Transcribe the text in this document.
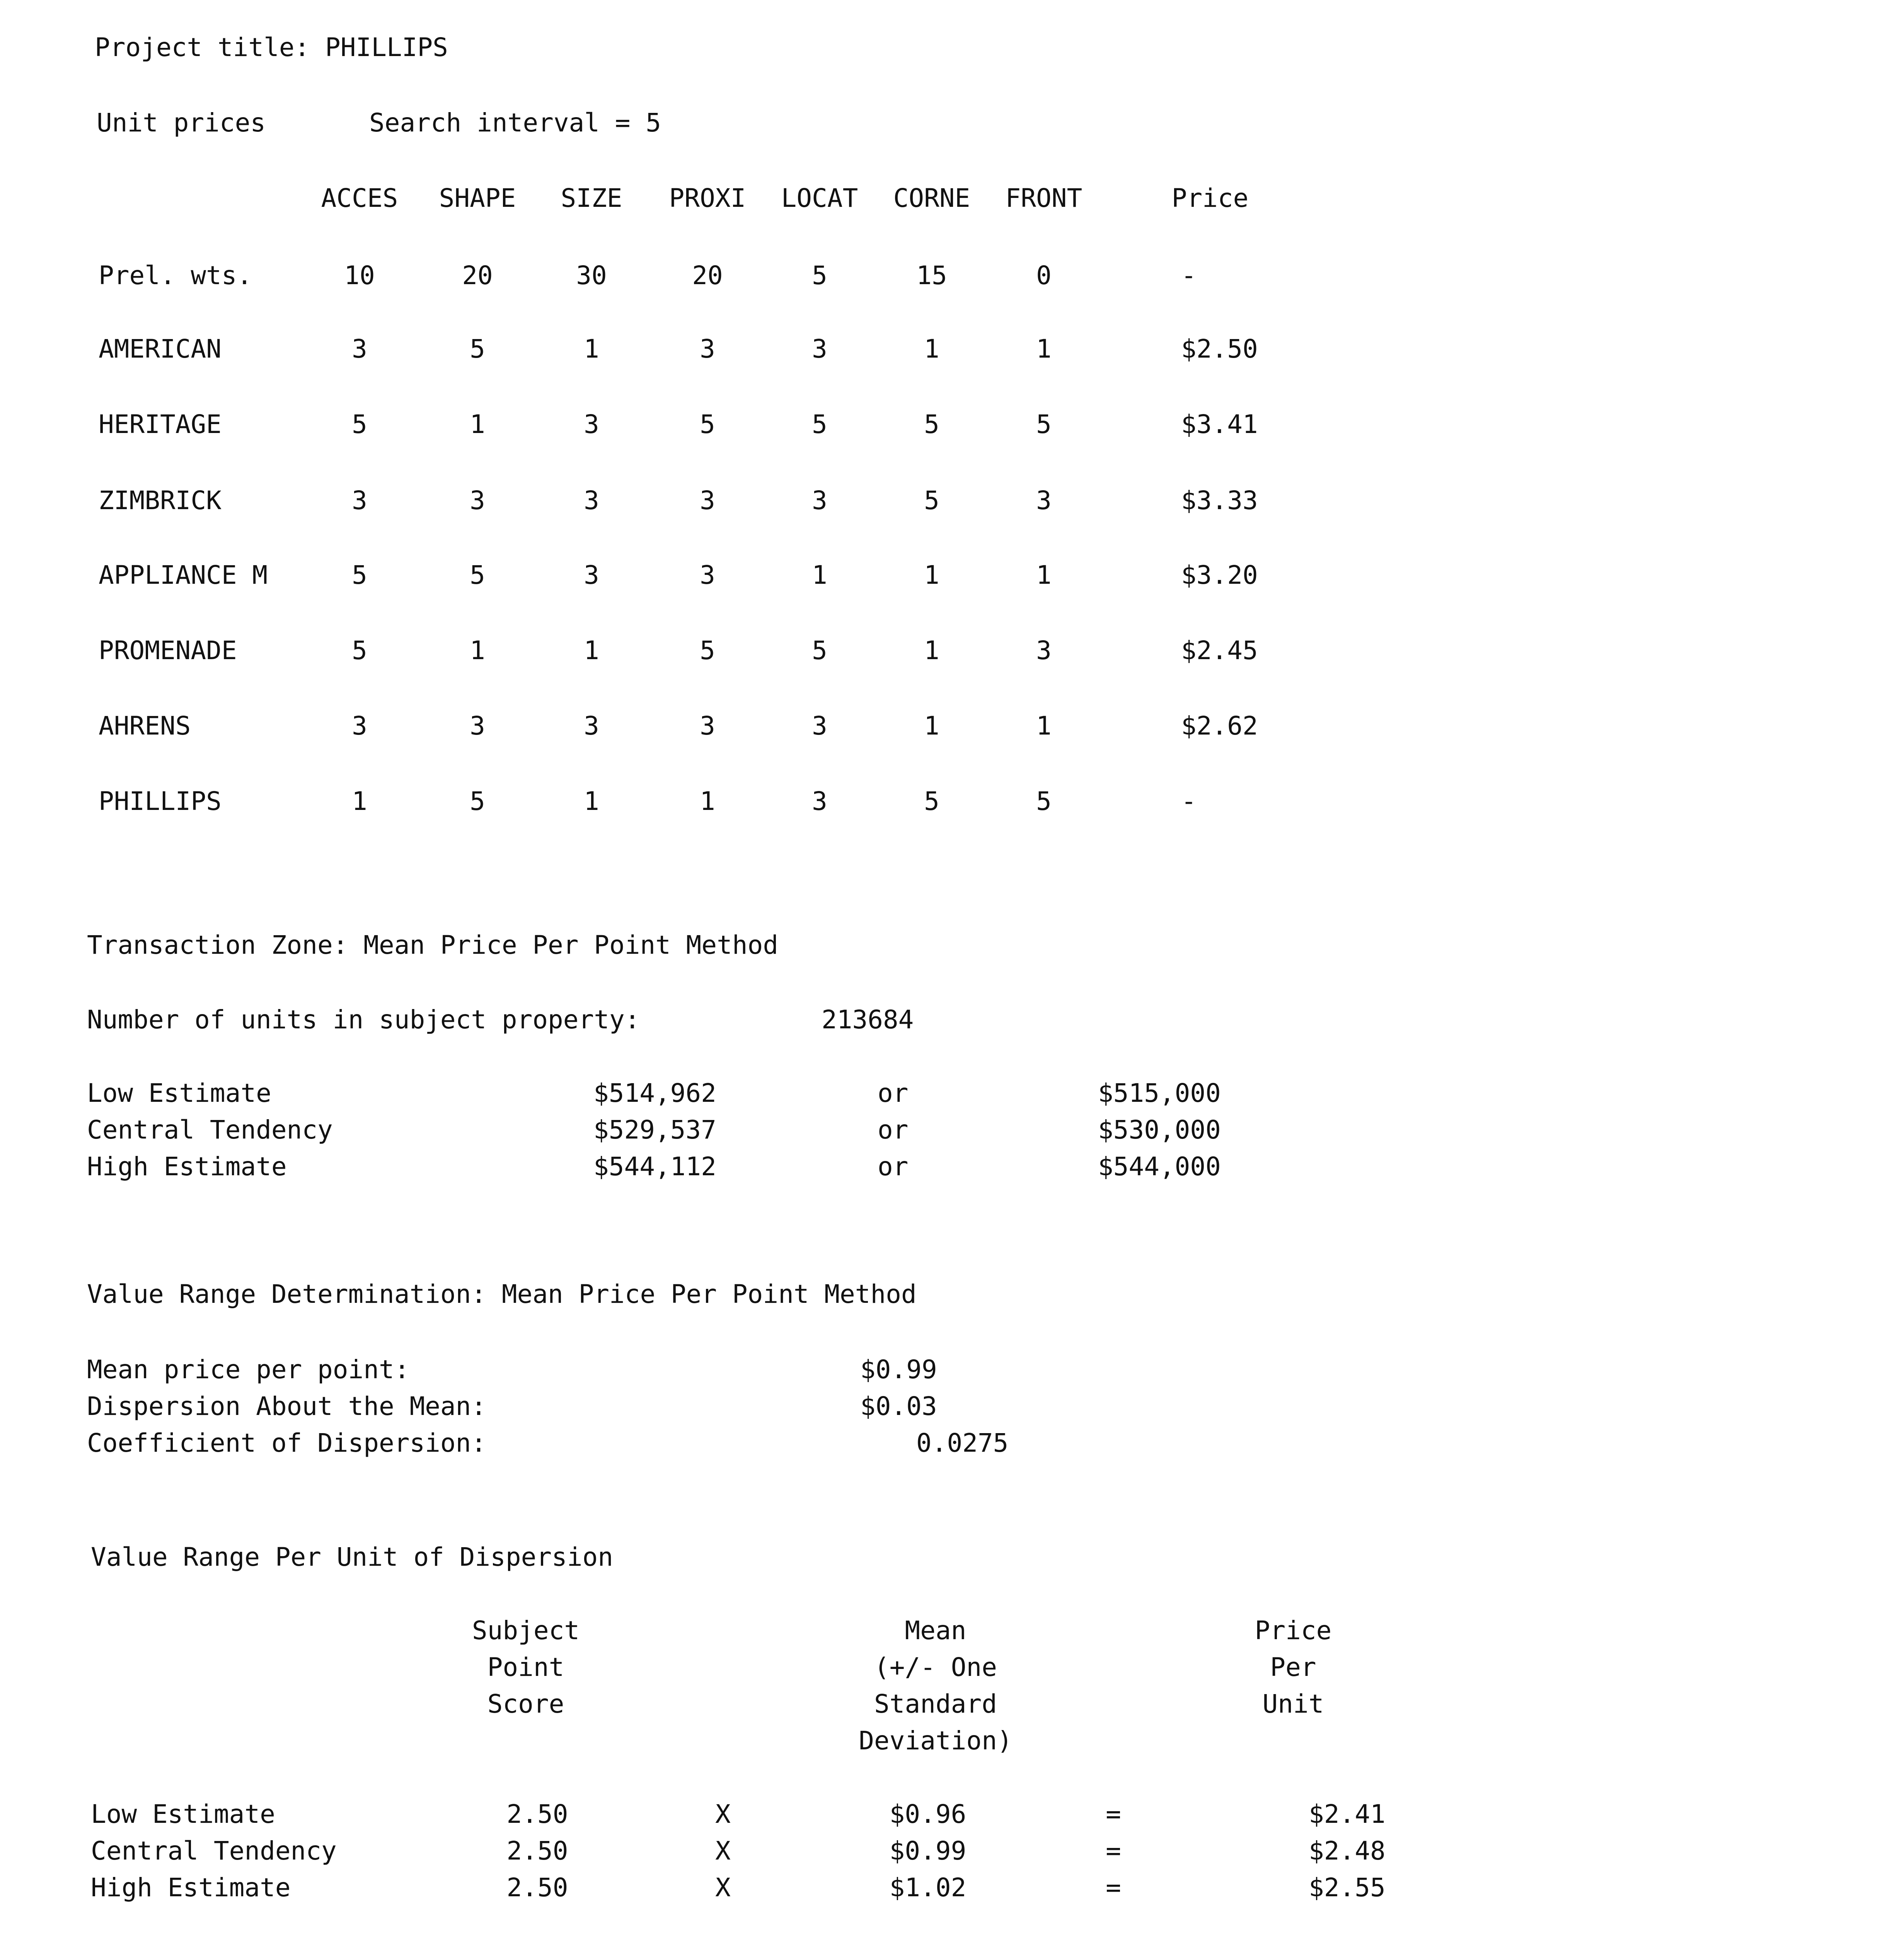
Project title: PHILLIPS
Unit prices	Search interval = 5
ACCES SHAPE SIZE PROXI LOCAT CORNE FRONT	Price
Prel. wts.	10	20	30	20	5	15	0	-
AMERICAN	3	5	1	3	3	1	1	$2.50
HERITAGE	5	1	3	5	5	5	5	$3.41
ZIMBRICK	3	3	3	3	3	5	3	$3.33
APPLIANCE M	5	5	3	3	1	1	1	$3.20
PROMENADE	5	1	1	5	5	1	3	$2.45
AHRENS	3	3	3	3	3	1	1	$2.62
PHILLIPS	1	5	1	1	3	5	5	-
Transaction Zone: Mean Price Per Point Method
Number of units in subject property:	213684
Low Estimate	$514,962	or	$515,000
Central Tendency	$529,537	or	$530,000
High Estimate	$544,112	or	$544,000
Value Range Determination: Mean Price Per Point Method
Mean price per point:	$0.99
Dispersion About the Mean:	$0.03
Coefficient of Dispersion:	0.0275
Value Range Per Unit of Dispersion
Subject
Point
Score
Mean
(+/- One
Standard
Deviation)
Price
Per
Unit
Low Estimate	2.50	X	$0.96	=	$2.41
Central Tendency	2.50	X	$0.99	=	$2.48
High Estimate	2.50	X	$1.02	=	$2.55
